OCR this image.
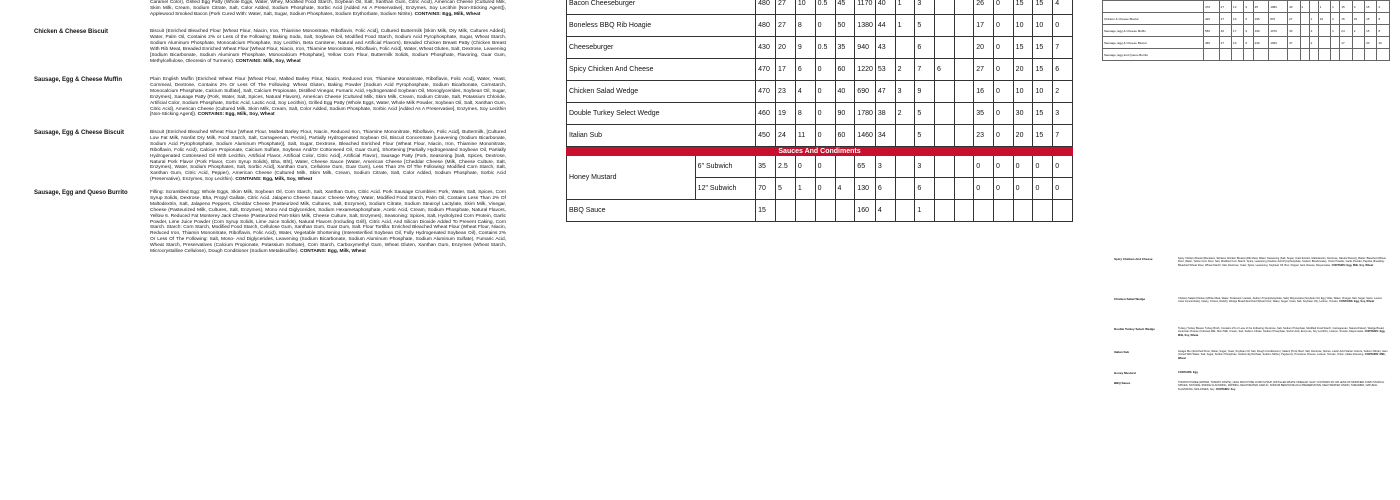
Caramel Color), Grilled Egg Patty (Whole Eggs, Water, Whey, Modified Food Starch, Soybean Oil, Salt, Xanthan Gum, Citric Acid), American Cheese (Cultured Milk, Skim Milk, Cream, Sodium Citrate, Salt, Color Added, Sodium Phosphate, Sorbic Acid [Added As A Preservative], Enzymes, Soy Lecithin [Non-Sticking Agent]), Applewood Smoked Bacon (Pork Cured With: Water, Salt, Sugar, Sodium Phosphates, Sodium Erythorbate, Sodium Nitrite). CONTAINS: Egg, Milk, Wheat
Chicken & Cheese Biscuit	Biscuit (Enriched Bleached Flour [Wheat Flour, Niacin, Iron, Thiamine Mononitrate, Riboflavin, Folic Acid], Cultured Buttermilk [Skim Milk, Dry Milk, Cultures Added], Water, Palm Oil, Contains 2% or Less of the Following: Baking Soda, Salt, Soybean Oil, Modified Food Starch, Sodium Acid Pyrophosphate, Sugar, Wheat Starch, Sodium Aluminum Phosphate, Monocalcium Phosphate, Soy Lecithin, Beta Carotene, Natural and Artificial Flavors), Breaded Chicken Breast Patty (Chicken Breast With Rib Meat, Breaded Enriched Wheat Flour [Wheat Flour, Niacin, Iron, Thiamine Mononitrate, Riboflavin, Folic Acid], Water, Wheat Gluten, Salt, Dextrose, Leavening [Sodium Bicarbonate, Sodium Aluminum Phosphate, Monocalcium Phosphate], Yellow Corn Flour, Buttermilk Solids, Sodium Phosphate, Flavoring, Guar Gum, Methylcellulose, Oleoresin of Turmeric). CONTAINS: Milk, Soy, Wheat
Sausage, Egg & Cheese Muffin	Plain English Muffin (Enriched Wheat Flour [Wheat Flour, Malted Barley Flour, Niacin, Reduced Iron, Thiamine Mononitrate, Riboflavin, Folic Acid], Water, Yeast, Cornmeal, Dextrose, Contains 2% Or Less Of The Following: Wheat Gluten, Baking Powder [Sodium Acid Pyrophosphate, Sodium Bicarbonate, Cornstarch, Monocalcium Phosphate, Calcium Sulfate], Salt, Calcium Propionate, Distilled Vinegar, Fumaric Acid, Hydrogenated Soybean Oil, Monoglycerides, Soybean Oil, Sugar, Enzymes), Sausage Patty (Pork, Water, Salt, Spices, Natural Flavors), American Cheese (Cultured Milk, Skim Milk, Cream, Sodium Citrate, Salt, Potassium Chloride, Artificial Color, Sodium Phosphate, Sorbic Acid, Lactic Acid, Soy Lecithin), Grilled Egg Patty (Whole Eggs, Water, Whole Milk Powder, Soybean Oil, Salt, Xanthan Gum, Citric Acid), American Cheese (Cultured Milk, Skim Milk, Cream, Salt, Color Added, Sodium Phosphate, Sorbic Acid [Added As A Preservative], Enzymes, Soy Lecithin [Non-Sticking Agent]). CONTAINS: Egg, Milk, Soy, Wheat
Sausage, Egg & Cheese Biscuit	Biscuit (Enriched Bleached Wheat Flour [Wheat Flour, Malted Barley Flour, Niacin, Reduced Iron, Thiamine Mononitrate, Riboflavin, Folic Acid], Buttermilk, [Cultured Low Fat Milk, Nonfat Dry Milk, Food Starch, Salt, Carrageenan, Pectin], Partially Hydrogenated Soybean Oil, Biscuit Concentrate [Leavening (Sodium Bicarbonate, Sodium Acid Pyrophosphate, Sodium Aluminum Phosphate)], Salt, Sugar, Dextrose, Bleached Enriched Flour (Wheat Flour, Niacin, Iron, Thiamine Mononitrate, Riboflavin, Folic Acid), Calcium Propionate, Calcium Sulfate, Soybean And/Or Cottonseed Oil, Guar Gum], Shortening [Partially Hydrogenated Soybean Oil, Partially Hydrogenated Cottonseed Oil With Lecithin, Artificial Flavor, Artificial Color, Citric Acid], Artificial Flavor), Sausage Patty (Pork, Seasoning [Salt, Spices, Dextrose, Natural Pork Flavor (Pork Flavor, Corn Syrup Solids), Bha, Bht], Water, Cheese Sauce (Water, American Cheese [Cheddar Cheese (Milk, Cheese Culture, Salt, Enzymes), Water, Sodium Phosphates, Salt, Sorbic Acid], Xanthan Gum, Cellulose Gum, Guar Gum), Less Than 2% Of The Following: Modified Corn Starch, Salt, Xanthan Gum, Citric Acid, Pepper), American Cheese (Cultured Milk, Skim Milk, Cream, Sodium Citrate, Salt, Color Added, Sodium Phosphate, Sorbic Acid (Preservative), Enzymes, Soy Lecithin). CONTAINS: Egg, Milk, Soy, Wheat
Sausage, Egg and Queso Burrito	Filling: Scrambled Egg: Whole Eggs, Skim Milk, Soybean Oil, Corn Starch, Salt, Xanthan Gum, Citric Acid. Pork Sausage Crumbles: Pork, Water, Salt, Spices, Corn Syrup Solids, Dextrose, Bha, Propyl Gallate, Citric Acid. Jalapeno Cheese Sauce: Cheese Whey, Water, Modified Food Starch, Palm Oil, Contains Less Than 2% Of Maltodextrin, Salt, Jalapeno Peppers, Cheddar Cheese (Pasteurized Milk, Cultures, Salt, Enzymes), Sodium Citrate, Sodium Stearoyl Lactylate, Skim Milk, Vinegar, Cheese (Pasteurized Milk, Cultures, Salt, Enzymes), Mono And Diglycerides, Sodium Hexametaphosphate, Acetic Acid, Cream, Sodium Phosphate, Natural Flavors, Yellow 6. Reduced Fat Monterey Jack Cheese (Pasteurized Part-Skim Milk, Cheese Culture, Salt, Enzymes), Seasoning: Spices, Salt, Hydrolyzed Corn Protein, Garlic Powder, Lime Juice Powder (Corn Syrup Solids, Lime Juice Solids), Natural Flavors (Including Grill), Citric Acid, And Silicon Dioxide Added To Prevent Caking, Corn Starch. Starch: Corn Starch, Modified Food Starch, Cellulose Gum, Xanthan Gum, Guar Gum, Salt. Flour Tortilla: Enriched Bleached Wheat Flour (Wheat Flour, Niacin, Reduced Iron, Thiamin Mononitrate, Riboflavin, Folic Acid), Water, Vegetable Shortening (Interesterified Soybean Oil, Fully Hydrogenated Soybean Oil), Contains 2% Or Less Of The Following: Salt, Mono- And Diglycerides, Leavening (Sodium Bicarbonate, Sodium Aluminum Phosphate, Sodium Aluminum Sulfate), Fumaric Acid, Wheat Starch, Preservatives (Calcium Propionate, Potassium Sorbate), Corn Starch, Carboxymethyl Gum, Wheat Gluten, Xanthan Gum, Enzymes (Wheat Starch, Microcrystalline Cellulose), Dough Conditioner (Sodium Metabisulfite). CONTAINS: Egg, Milk, Wheat
Bacon Cheeseburger		480	27	10	0.5	45	1170	40	1	3			26	0	15	15	4
Boneless BBQ Rib Hoagie		480	27	8	0	50	1380	44	1	5			17	0	10	10	0
Cheeseburger		430	20	9	0.5	35	940	43		6			20	0	15	15	7
Spicy Chicken And Cheese		470	17	6	0	60	1220	53	2	7	6		27	0	20	15	6
Chicken Salad Wedge		470	23	4	0	40	690	47	3	9			16	0	10	10	2
Double Turkey Select Wedge		460	19	8	0	90	1780	38	2	5			35	0	30	15	3
Italian Sub		450	24	11	0	60	1460	34		5			23	0	20	15	7
Sauces And Condiments																	
Honey Mustard	6" Subwich	35	2.5	0	0		65	3		3			0	0	0	0	0
	12" Subwich	70	5	1	0	4	130	6		6			0	0	0	0	0
BBQ Sauce		15					160	4		1							
	470	27	13	0	25	1380	40	2		1	1	15	0	15	2
Chicken & Cheese Biscuit	420	27	10	0	195	870	27		1	10	2	15	15	15	8
Sausage, Egg & Cheese Muffin	550	40	17	0	190	1370	33		2		1	24	2	15	8
Sausage, Egg & Cheese Biscuit	460	27	10	0	240	1360	37		2			17		20	20
Sausage, Egg and Queso Burrito															
Spicy Chicken And Cheese	Spicy Chicken Breast (Boneless, Skinless Chicken Breasts [Rib Meat, Water, Seasoning (Salt, Sugar, Yeast Extract, Maltodextrin, Dextrose, Natural Flavor)], Batter: Bleached Wheat Flour, Water, Yellow Corn Flour, Salt, Modified Corn Starch, Spice, Leavening (Sodium Acid Pyrophosphate, Sodium Bicarbonate), Onion Powder, Garlic Powder, Paprika, Breading: Bleached Wheat Flour, Wheat Starch, Salt, Dextrose, Yeast, Spice, Leavening, Soybean Oil. Bun, Pepper Jack Cheese, Mayonnaise. CONTAINS: Egg, Milk, Soy, Wheat
Chicken Salad Wedge	Chicken Salad (Chicken [White Meat, Water, Potassium Lactate, Sodium Tripolyphosphate, Salt], Mayonnaise [Soybean Oil, Egg Yolks, Water, Vinegar, Salt, Sugar, Spice, Lemon Juice Concentrate], Celery, Onions, Relish), Wedge Bread (Enriched Wheat Flour, Water, Sugar, Yeast, Salt, Soybean Oil), Lettuce, Tomato. CONTAINS: Egg, Soy, Wheat
Double Turkey Select Wedge	Turkey (Turkey Breast, Turkey Broth, Contains 2% or Less of the Following: Dextrose, Salt, Sodium Phosphate, Modified Food Starch, Carrageenan, Natural Flavor), Wedge Bread, American Cheese (Cultured Milk, Skim Milk, Cream, Salt, Sodium Citrate, Sodium Phosphate, Sorbic Acid, Enzymes, Soy Lecithin), Lettuce, Tomato, Mayonnaise. CONTAINS: Egg, Milk, Soy, Wheat
Italian Sub	Hoagie Bun (Enriched Flour, Water, Sugar, Yeast, Soybean Oil, Salt, Dough Conditioners), Salami (Pork, Beef, Salt, Dextrose, Spices, Lactic Acid Starter Culture, Sodium Nitrite), Ham (Cured With Water, Salt, Sugar, Sodium Phosphate, Sodium Erythorbate, Sodium Nitrite), Pepperoni, Provolone Cheese, Lettuce, Tomato, Onion, Italian Dressing. CONTAINS: Milk, Wheat
Honey Mustard	CONTAINS: Egg
BBQ Sauce	TOMATO PUREE (WATER, TOMATO PASTE), HIGH FRUCTOSE CORN SYRUP, DISTILLED WHITE VINEGAR, SALT, CONTAINS 2% OR LESS OF MODIFIED CORN STARCH, SPICES, NATURAL SMOKE FLAVORING, PAPRIKA, DEHYDRATED GARLIC, SODIUM BENZOATE AS A PRESERVATIVE, DEHYDRATED ONION, TAMARIND, NATURAL FLAVORING, MOLASSES, Soy. CONTAINS: Soy
